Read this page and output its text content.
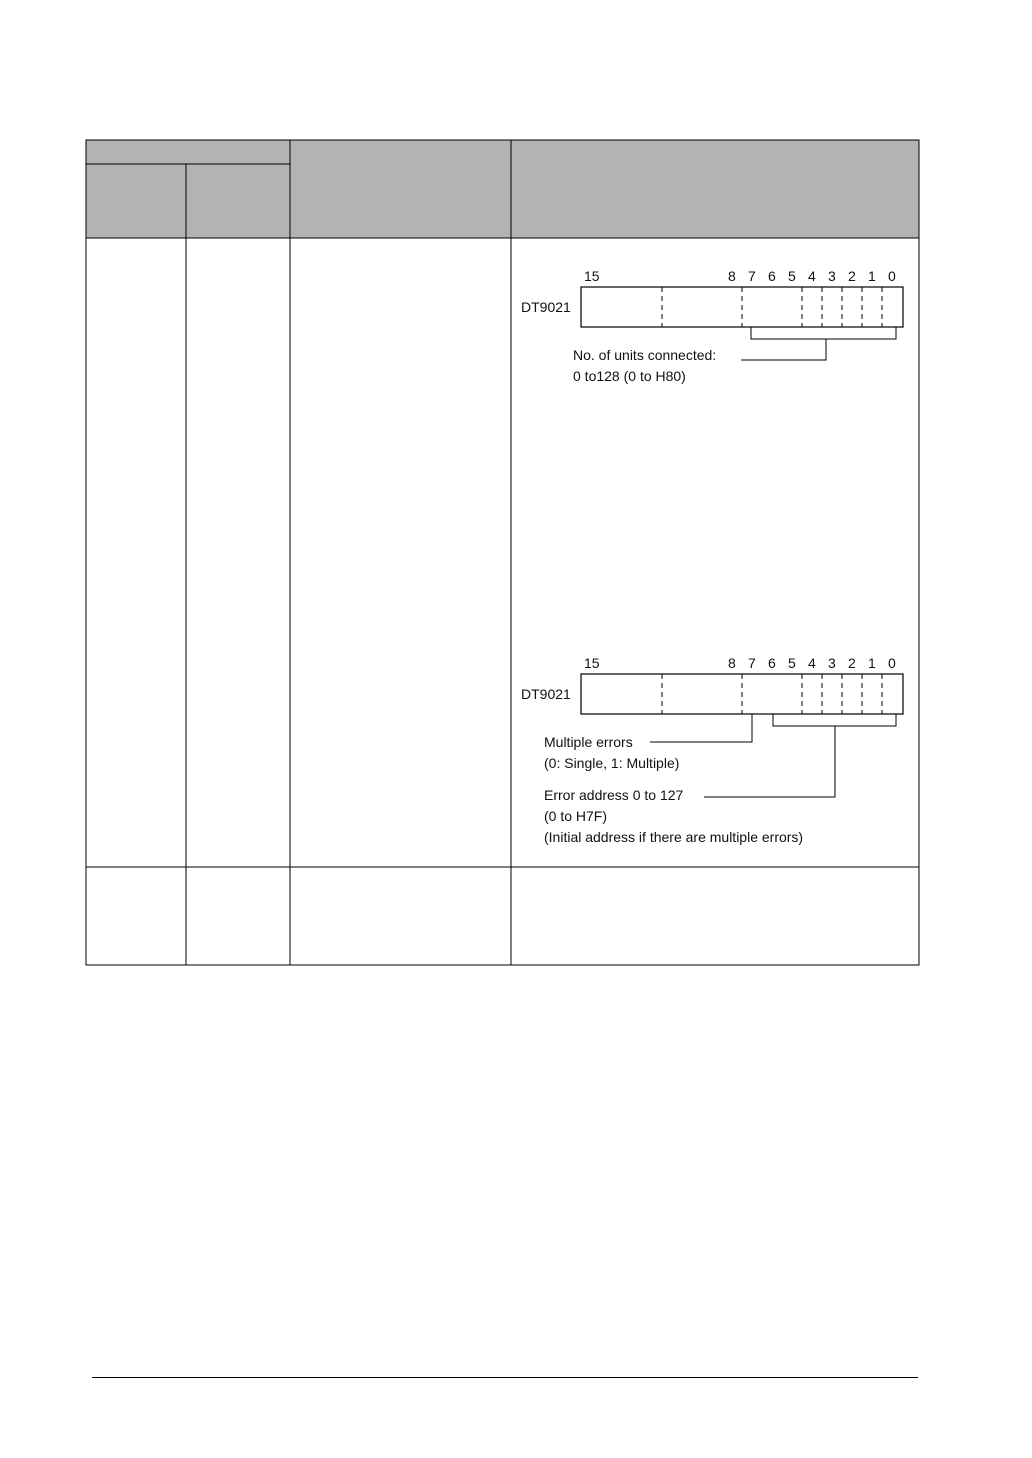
15	8 7 6 5 4 3 2 1 0
DT9021
No. of units connected:
0 to128 (0 to H80)
15	8 7 6 5 4 3 2 1 0
DT9021
Multiple errors
(0: Single, 1: Multiple)
Error address 0 to 127
(0 to H7F)
(Initial address if there are multiple errors)
